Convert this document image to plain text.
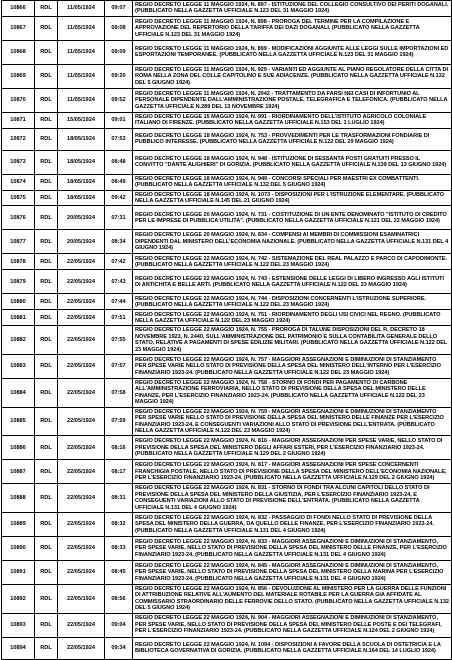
10866	RDL	11/05/1924	09:07	REGIO DECRETO LEGGE 11 MAGGIO 1924, N. 897 - ISTITUZIONE DEL COLLEGIO CONSULTIVO DEI PERITI DOGANALI. (PUBBLICATO NELLA GAZZETTA UFFICIALE N.123 DEL 31 MAGGIO 1924)
10867	RDL	11/05/1924	09:08	REGIO DECRETO LEGGE 11 MAGGIO 1924, N. 898 - PROROGA DEL TERMINE PER LA COMPILAZIONE E APPROVAZIONE DEL REPERTORIO DELLA TARIFFA DEI DAZI DOGANALI. (PUBBLICATO NELLA GAZZETTA UFFICIALE N.123 DEL 31 MAGGIO 1924)
10868	RDL	11/05/1924	09:09	REGIO DECRETO LEGGE 11 MAGGIO 1924, N. 899 - MODIFICAZIONI AGGIUNTE ALLE LEGGI SULLE IMPORTAZIONI ED ESPORTAZIONI TEMPORANEE. (PUBBLICATO NELLA GAZZETTA UFFICIALE N.123 DEL 31 MAGGIO 1924)
10869	RDL	11/05/1924	09:20	REGIO DECRETO LEGGE 11 MAGGIO 1924, N. 929 - VARIANTI ED AGGIUNTE AL PIANO REGOLATORE DELLA CITTA DI ROMA NELLA ZONA DEL COLLE CAPITOLINO E SUE ADIACENZE. (PUBBLICATO NELLA GAZZETTA UFFICIALE N.132 DEL 5 GIUGNO 1924)
10870	RDL	11/05/1924	09:52	REGIO DECRETO LEGGE 11 MAGGIO 1924, N. 2042 - TRATTAMENTO DA FARSI NEI CASI DI INFORTUNIO AL PERSONALE DIPENDENTE DALL'AMMINISTRAZIONE POSTALE, TELEGRAFICA E TELEFONICA. (PUBBLICATO NELLA GAZZETTA UFFICIALE N.289 DEL 13 NOVEMBRE 1924)
10871	RDL	15/05/1924	09:01	REGIO DECRETO LEGGE 15 MAGGIO 1924, N. 991 - RIORDINAMENTO DELL'ISTITUTO AGRICOLO COLONIALE ITALIANO DI FIRENZE. (PUBBLICATO NELLA GAZZETTA UFFICIALE N.153 DEL 1 LUGLIO 1924)
10872	RDL	18/05/1924	07:53	REGIO DECRETO LEGGE 18 MAGGIO 1924, N. 753 - PROVVEDIMENTI PER LE TRASFORMAZIONI FONDIARIE DI PUBBLICO INTERESSE. (PUBBLICATO NELLA GAZZETTA UFFICIALE N.122 DEL 29 MAGGIO 1924)
10873	RDL	18/05/1924	08:48	REGIO DECRETO LEGGE 18 MAGGIO 1924, N. 948 - ISTITUZIONE DI SESSANTA POSTI GRATUITI PRESSO IL CONVITTO "DANTE ALIGHIERI" DI GORIZIA. (PUBBLICATO NELLA GAZZETTA UFFICIALE N.139 DEL 13 GIUGNO 1924)
10874	RDL	18/05/1924	08:49	REGIO DECRETO LEGGE 18 MAGGIO 1924, N. 949 - CONCORSI SPECIALI PER MAESTRI EX COMBATTENTI. (PUBBLICATO NELLA GAZZETTA UFFICIALE N.132 DEL 5 GIUGNO 1924)
10875	RDL	18/05/1924	09:42	REGIO DECRETO LEGGE 18 MAGGIO 1924, N. 1073 - DISPOSIZIONI PER L'ISTRUZIONE ELEMENTARE. (PUBBLICATO NELLA GAZZETTA UFFICIALE N.145 DEL 21 GIUGNO 1924)
10876	RDL	20/05/1924	07:31	REGIO DECRETO LEGGE 20 MAGGIO 1924, N. 731 - COSTITUZIONE DI UN ENTE DENOMINATO "ISTITUTO DI CREDITO PER LE IMPRESE DI PUBBLICA UTILITA". (PUBBLICATO NELLA GAZZETTA UFFICIALE N.121 DEL 22 MAGGIO 1924)
10877	RDL	20/05/1924	08:34	REGIO DECRETO LEGGE 20 MAGGIO 1924, N. 834 - COMPENSI AI MEMBRI DI COMMISSIONI ESAMINATRICI DIPENDENTI DAL MINISTERO DELL'ECONOMIA NAZIONALE. (PUBBLICATO NELLA GAZZETTA UFFICIALE N.131 DEL 4 GIUGNO 1924)
10878	RDL	22/05/1924	07:42	REGIO DECRETO LEGGE 22 MAGGIO 1924, N. 742 - SISTEMAZIONE DEL REAL PALAZZO E PARCO DI CAPODIMONTE. (PUBBLICATO NELLA GAZZETTA UFFICIALE N.122 DEL 23 MAGGIO 1924)
10879	RDL	22/05/1924	07:43	REGIO DECRETO LEGGE 22 MAGGIO 1924, N. 743 - ESTENSIONE DELLE LEGGI DI LIBERO INGRESSO AGLI ISTITUTI DI ANTICHITA E BELLE ARTI. (PUBBLICATO NELLA GAZZETTA UFFICIALE N.122 DEL 23 MAGGIO 1924)
10880	RDL	22/05/1924	07:44	REGIO DECRETO LEGGE 22 MAGGIO 1924, N. 744 - DISPOSIZIONI CONCERNENTI L'ISTRUZIONE SUPERIORE. (PUBBLICATO NELLA GAZZETTA UFFICIALE N.122 DEL 23 MAGGIO 1924)
10881	RDL	22/05/1924	07:51	REGIO DECRETO LEGGE 22 MAGGIO 1924, N. 751 - RIORDINAMENTO DEGLI USI CIVICI NEL REGNO. (PUBBLICATO NELLA GAZZETTA UFFICIALE N.122 DEL 23 MAGGIO 1924)
10882	RDL	22/05/1924	07:55	REGIO DECRETO LEGGE 22 MAGGIO 1924, N. 755 - PROROGA DI TALUNE DISPOSIZIONI DEL R. DECRETO 18 NOVEMBRE 1923, N. 2440, SULL'AMMINISTRAZIONE DEL PATRIMONIO E SULLA CONTABILITA GENERALE DELLO STATO, RELATIVE A PAGAMENTI DI SPESE EDILIZIE MILITARI. (PUBBLICATO NELLA GAZZETTA UFFICIALE N.122 DEL 23 MAGGIO 1924)
10883	RDL	22/05/1924	07:57	REGIO DECRETO LEGGE 22 MAGGIO 1924, N. 757 - MAGGIORI ASSEGNAZIONI E DIMINUZIONI DI STANZIAMENTO PER SPESE VARIE NELLO STATO DI PREVISIONE DELLA SPESA DEL MINISTERO DELL'INTERNO PER L'ESERCIZIO FINANZIARIO 1923-24. (PUBBLICATO NELLA GAZZETTA UFFICIALE N.122 DEL 23 MAGGIO 1924)
10884	RDL	22/05/1924	07:58	REGIO DECRETO LEGGE 22 MAGGIO 1924, N. 758 - STORNO DI FONDI PER PAGAMENTO DI CARBONE ALL'AMMINISTRAZIONE FERROVIARIA, NELLO STATO DI PREVISIONE DELLA SPESA DEL MINISTERO DELLE FINANZE, PER L'ESERCIZIO FINANZIARIO 1923-24. (PUBBLICATO NELLA GAZZETTA UFFICIALE N.122 DEL 23 MAGGIO 1924)
10885	RDL	22/05/1924	07:59	REGIO DECRETO LEGGE 22 MAGGIO 1924, N. 759 - MAGGIORI ASSEGNAZIONI E DIMINUZIONI DI STANZIAMENTO PER SPESE VARIE NELLO STATO DI PREVISIONE DELLA SPESA DEL MINISTERO DELLE FINANZE PER L'ESERCIZIO FINANZIARIO 1923-24, E CONSEGUENTI VARIAZIONI ALLO STATO DI PREVISIONE DELL'ENTRATA. (PUBBLICATO NELLA GAZZETTA UFFICIALE N.122 DEL 23 MAGGIO 1924)
10886	RDL	22/05/1924	08:16	REGIO DECRETO LEGGE 22 MAGGIO 1924, N. 816 - MAGGIORI ASSEGNAZIONI PER SPESE VARIE, NELLO STATO DI PREVISIONE DELLA SPESA DEL MINISTERO DEGLI AFFARI ESTERI, PER L'ESERCIZIO FINANZIARIO 1923-24. (PUBBLICATO NELLA GAZZETTA UFFICIALE N.129 DEL 2 GIUGNO 1924)
10887	RDL	22/05/1924	08:17	REGIO DECRETO LEGGE 22 MAGGIO 1924, N. 817 - MAGGIORI ASSEGNAZIONI PER SPESE CONCERNENTI FRANCHIGIA POSTALE, NELLO STATO DI PREVISIONE DELLA SPESA DEL MINISTERO DELL'ECONOMIA NAZIONALE, PER L'ESERCIZIO FINANZIARIO 1923-24. (PUBBLICATO NELLA GAZZETTA UFFICIALE N.129 DEL 2 GIUGNO 1924)
10888	RDL	22/05/1924	08:31	REGIO DECRETO LEGGE 22 MAGGIO 1924, N. 831 - STORNO DI FONDI TRA ALCUNI CAPITOLI DELLO STATO DI PREVISIONE DELLA SPESA DEL MINISTERO DELLA GIUSTIZIA, PER L'ESERCIZIO FINANZIARIO 1923-24, E CONSEGUENTI VARIAZIONI ALLO STATO DI PREVISIONE DELL'ENTRATA. (PUBBLICATO NELLA GAZZETTA UFFICIALE N.131 DEL 4 GIUGNO 1924)
10889	RDL	22/05/1924	08:32	REGIO DECRETO LEGGE 22 MAGGIO 1924, N. 832 - PASSAGGIO DI FONDI NELLO STATO DI PREVISIONE DELLA SPESA DEL MINISTERO DELLA GUERRA, DA QUELLO DELLE FINANZE, PER L'ESERCIZIO FINANZIARIO 1923-24. (PUBBLICATO NELLA GAZZETTA UFFICIALE N.131 DEL 4 GIUGNO 1924)
10890	RDL	22/05/1924	08:33	REGIO DECRETO LEGGE 22 MAGGIO 1924, N. 833 - MAGGIORI ASSEGNAZIONI E DIMINUZIONI DI STANZIAMENTO, PER SPESE VARIE, NELLO STATO DI PREVISIONE DELLA SPESA DEL MINISTERO DELLE FINANZE, PER L'ESERCIZIO FINANZIARIO 1923-24. (PUBBLICATO NELLA GAZZETTA UFFICIALE N.131 DEL 4 GIUGNO 1924)
10891	RDL	22/05/1924	08:45	REGIO DECRETO LEGGE 22 MAGGIO 1924, N. 845 - MAGGIORI ASSEGNAZIONI E DIMINUZIONI DI STANZIAMENTO, PER SPESE VARIE, NELLO STATO DI PREVISIONE DELLA SPESA DEL MINISTERO DELLA MARINA PER L'ESERCIZIO FINANZIARIO 1923-24. (PUBBLICATO NELLA GAZZETTA UFFICIALE N.131 DEL 4 GIUGNO 1924)
10892	RDL	22/05/1924	08:56	REGIO DECRETO LEGGE 22 MAGGIO 1924, N. 856 - DEVOLUZIONE AL MINISTERO PER LA GUERRA DELLE FUNZIONI DI ATTRIBUZIONE RELATIVE ALL'AUMENTO DEL MATERIALE ROTABILE PER LA GUERRA GIA AFFIDATE AL COMMISSARIO STRAORDINARIO DELLE FERROVIE DELLO STATO. (PUBBLICATO NELLA GAZZETTA UFFICIALE N.132 DEL 5 GIUGNO 1924)
10893	RDL	22/05/1924	09:04	REGIO DECRETO LEGGE 22 MAGGIO 1924, N. 904 - MAGGIORI ASSEGNAZIONI E DIMINUZIONI DI STANZIAMENTO, PER SPESE VARIE, NELLO STATO DI PREVISIONE DELLA SPESA DEL MINISTERO DELLE POSTE E DEI TELEGRAFI, PER L'ESERCIZIO FINANZIARIO 1923-24. (PUBBLICATO NELLA GAZZETTA UFFICIALE N.124 DEL 2 GIUGNO 1924)
10894	RDL	22/05/1924	09:34	REGIO DECRETO LEGGE 22 MAGGIO 1924, N. 1094 - DISPOSIZIONI A FAVORE DELLA SCUOLA DI OSTETRICIA E LA BIBLIOTECA GOVERNATIVA DI GORIZIA. (PUBBLICATO NELLA GAZZETTA UFFICIALE N.164 DEL 14 LUGLIO 1924)
